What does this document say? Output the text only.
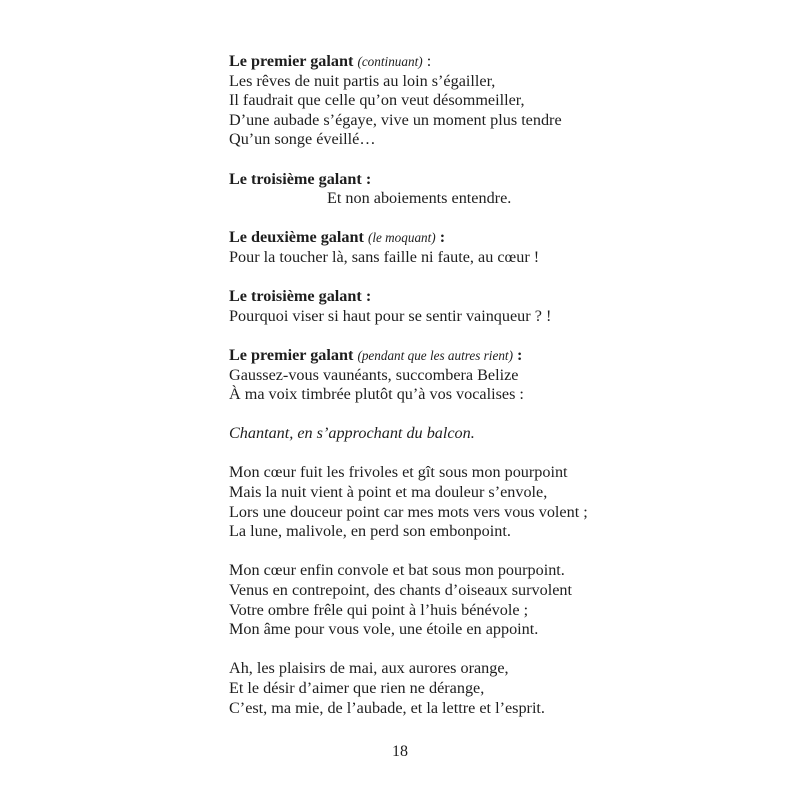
Le premier galant (continuant) :
Les rêves de nuit partis au loin s’égailler,
Il faudrait que celle qu’on veut désommeiller,
D’une aubade s’égaye, vive un moment plus tendre
Qu’un songe éveillé…
Le troisième galant :
Et non aboiements entendre.
Le deuxième galant (le moquant) :
Pour la toucher là, sans faille ni faute, au cœur !
Le troisième galant :
Pourquoi viser si haut pour se sentir vainqueur ? !
Le premier galant (pendant que les autres rient) :
Gaussez-vous vaunéants, succombera Belize
À ma voix timbrée plutôt qu’à vos vocalises :
Chantant, en s’approchant du balcon.
Mon cœur fuit les frivoles et gît sous mon pourpoint
Mais la nuit vient à point et ma douleur s’envole,
Lors une douceur point car mes mots vers vous volent ;
La lune, malivole, en perd son embonpoint.
Mon cœur enfin convole et bat sous mon pourpoint.
Venus en contrepoint, des chants d’oiseaux survolent
Votre ombre frêle qui point à l’huis bénévole ;
Mon âme pour vous vole, une étoile en appoint.
Ah, les plaisirs de mai, aux aurores orange,
Et le désir d’aimer que rien ne dérange,
C’est, ma mie, de l’aubade, et la lettre et l’esprit.
18
